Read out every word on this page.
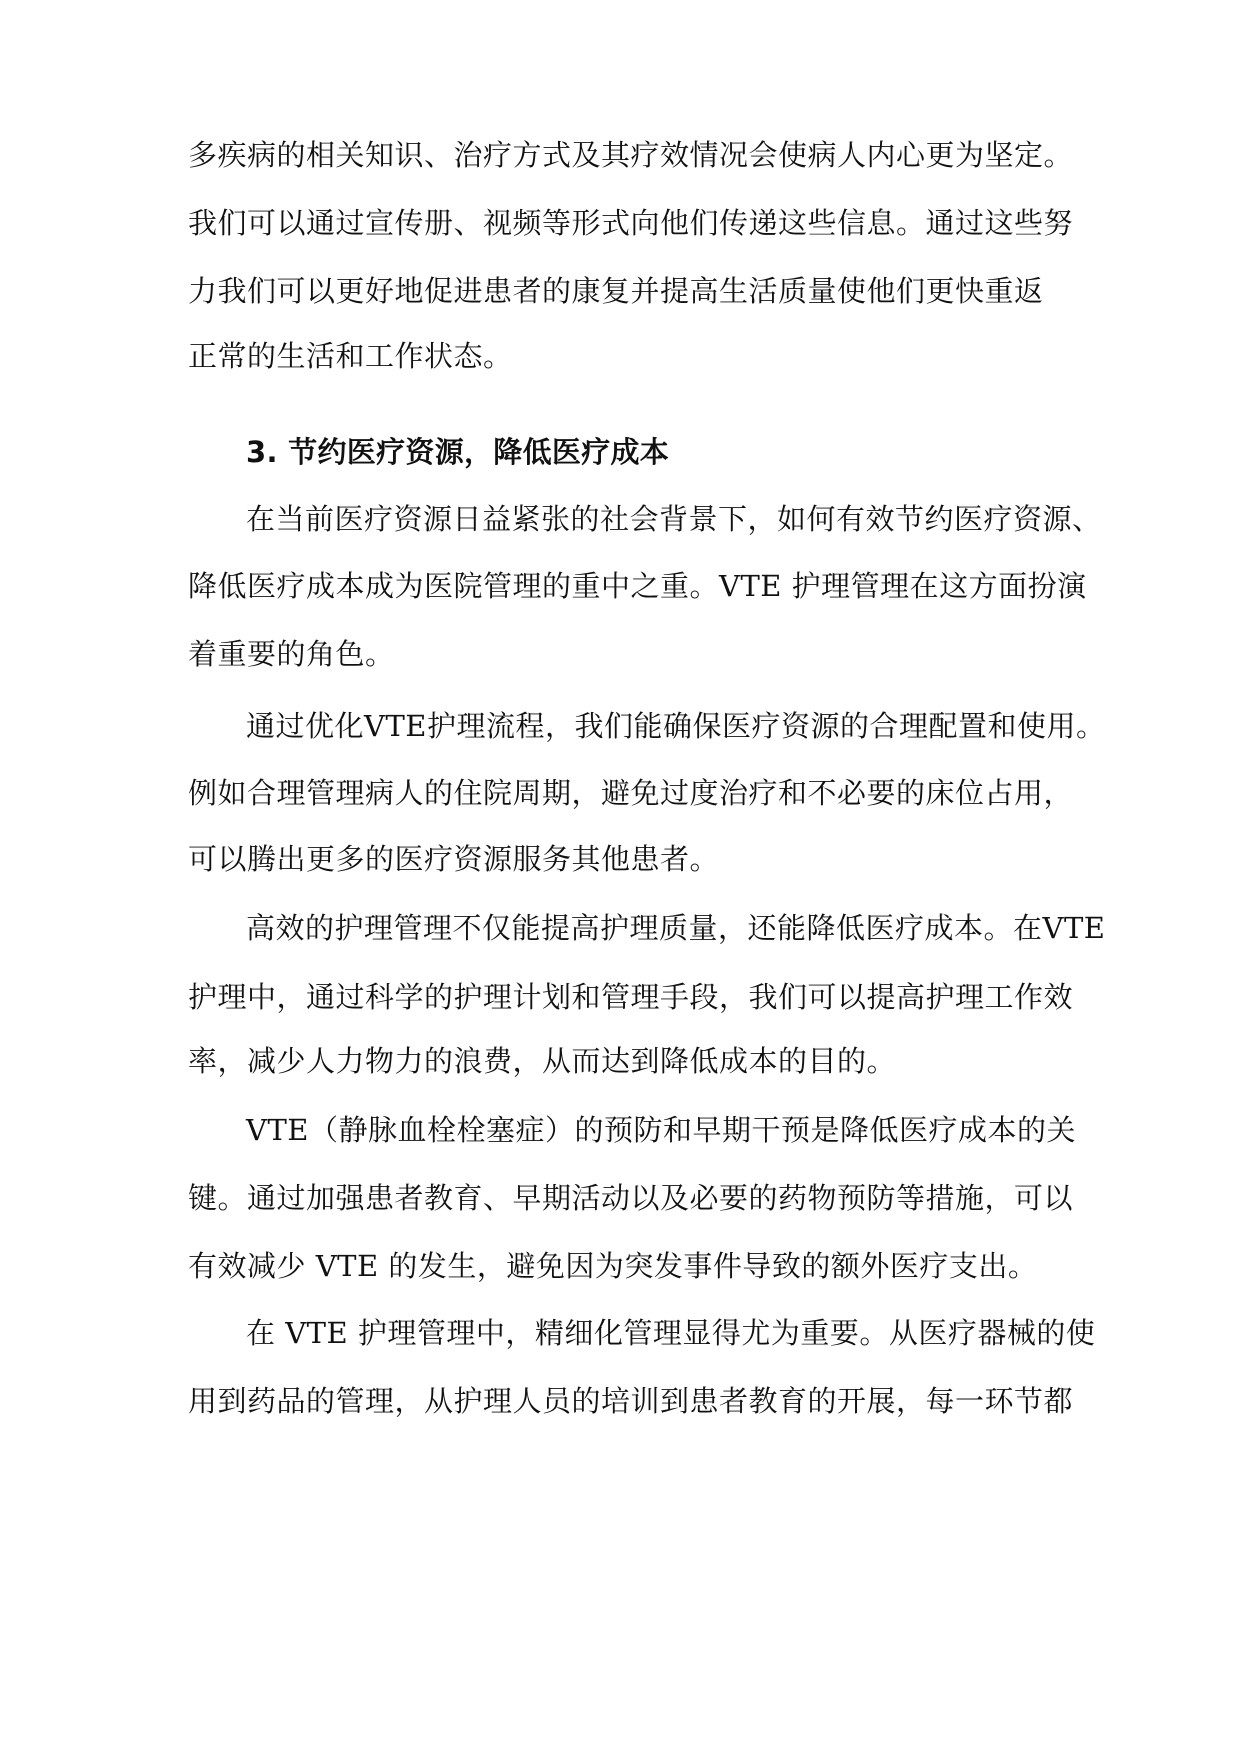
多疾病的相关知识、治疗方式及其疗效情况会使病人内心更为坚定。
我们可以通过宣传册、视频等形式向他们传递这些信息。通过这些努
力我们可以更好地促进患者的康复并提高生活质量使他们更快重返
正常的生活和工作状态。
3. 节约医疗资源，降低医疗成本
在当前医疗资源日益紧张的社会背景下，如何有效节约医疗资源、
降低医疗成本成为医院管理的重中之重。VTE 护理管理在这方面扮演
着重要的角色。
通过优化VTE护理流程，我们能确保医疗资源的合理配置和使用。
例如合理管理病人的住院周期，避免过度治疗和不必要的床位占用，
可以腾出更多的医疗资源服务其他患者。
高效的护理管理不仅能提高护理质量，还能降低医疗成本。在VTE
护理中，通过科学的护理计划和管理手段，我们可以提高护理工作效
率，减少人力物力的浪费，从而达到降低成本的目的。
VTE（静脉血栓栓塞症）的预防和早期干预是降低医疗成本的关
键。通过加强患者教育、早期活动以及必要的药物预防等措施，可以
有效减少 VTE 的发生，避免因为突发事件导致的额外医疗支出。
在 VTE 护理管理中，精细化管理显得尤为重要。从医疗器械的使
用到药品的管理，从护理人员的培训到患者教育的开展，每一环节都
